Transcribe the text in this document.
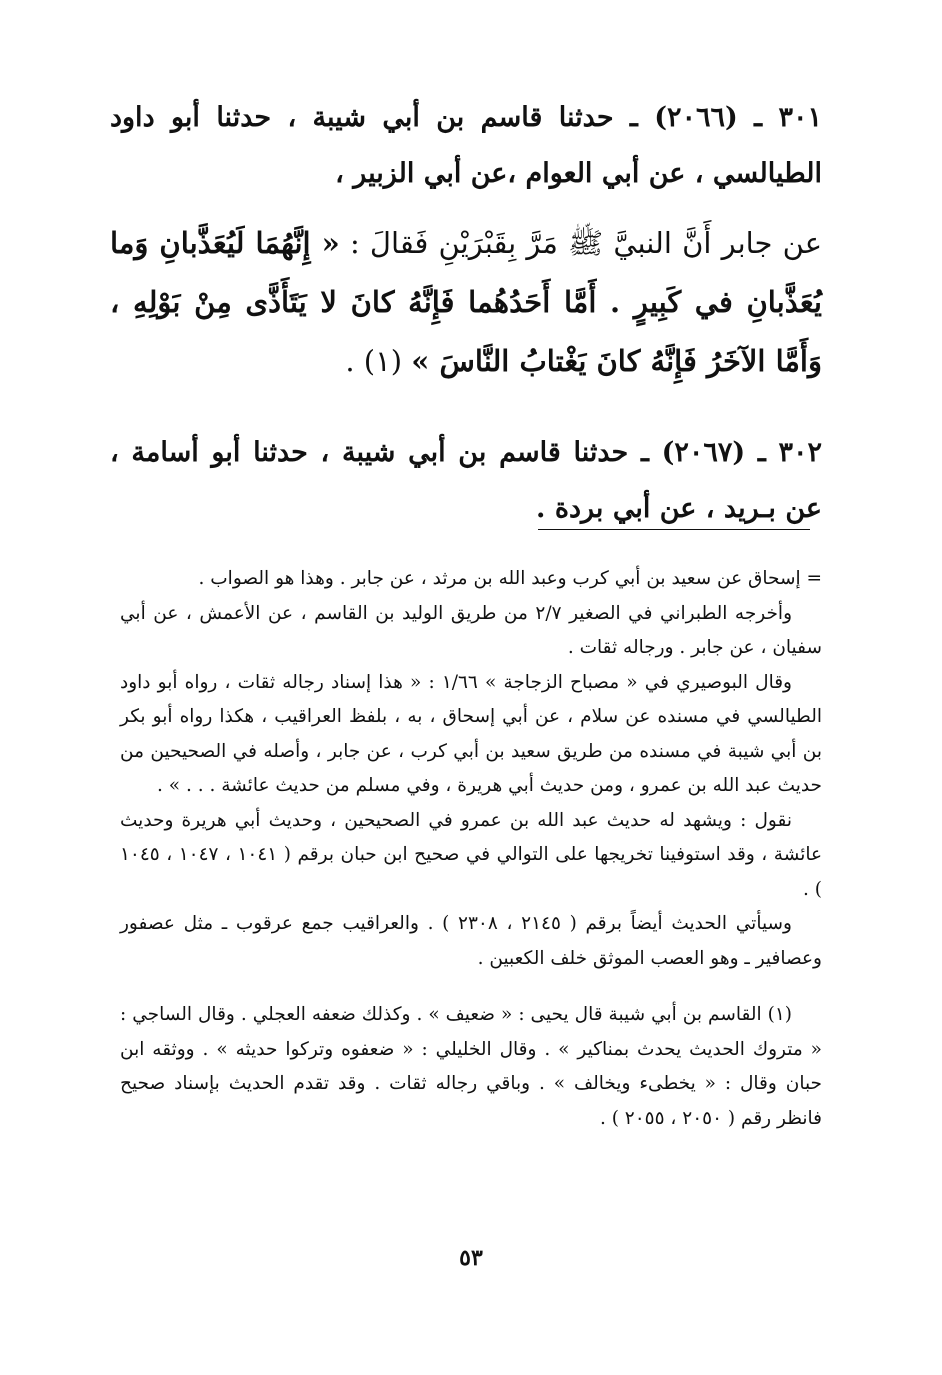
٣٠١ ـ (٢٠٦٦) ـ حدثنا قاسم بن أبي شيبة ، حدثنا أبو داود الطيالسي ، عن أبي العوام ،عن أبي الزبير ،

عن جابر أَنَّ النبيَّ ﷺ مَرَّ بِقَبْرَيْنِ فَقالَ : « إِنَّهُمَا لَيُعَذَّبانِ وَما يُعَذَّبانِ في كَبِيرٍ . أَمَّا أَحَدُهُما فَإِنَّهُ كانَ لا يَتَأَذَّى مِنْ بَوْلِهِ ، وَأَمَّا الآخَرُ فَإِنَّهُ كانَ يَغْتابُ النَّاسَ » (١) .

٣٠٢ ـ (٢٠٦٧) ـ حدثنا قاسم بن أبي شيبة ، حدثنا أبو أسامة ، عن بـريد ، عن أبي بردة .

= إسحاق عن سعيد بن أبي كرب وعبد الله بن مرثد ، عن جابر . وهذا هو الصواب .

وأخرجه الطبراني في الصغير ٢/٧ من طريق الوليد بن القاسم ، عن الأعمش ، عن أبي سفيان ، عن جابر . ورجاله ثقات .

وقال البوصيري في « مصباح الزجاجة » ١/٦٦ : « هذا إسناد رجاله ثقات ، رواه أبو داود الطيالسي في مسنده عن سلام ، عن أبي إسحاق ، به ، بلفظ العراقيب ، هكذا رواه أبو بكر بن أبي شيبة في مسنده من طريق سعيد بن أبي كرب ، عن جابر ، وأصله في الصحيحين من حديث عبد الله بن عمرو ، ومن حديث أبي هريرة ، وفي مسلم من حديث عائشة . . . » .

نقول : ويشهد له حديث عبد الله بن عمرو في الصحيحين ، وحديث أبي هريرة وحديث عائشة ، وقد استوفينا تخريجها على التوالي في صحيح ابن حبان برقم ( ١٠٤١ ، ١٠٤٧ ، ١٠٤٥ ) .

وسيأتي الحديث أيضاً برقم ( ٢١٤٥ ، ٢٣٠٨ ) . والعراقيب جمع عرقوب ـ مثل عصفور وعصافير ـ وهو العصب الموثق خلف الكعبين .

(١) القاسم بن أبي شيبة قال يحيى : « ضعيف » . وكذلك ضعفه العجلي . وقال الساجي : « متروك الحديث يحدث بمناكير » . وقال الخليلي : « ضعفوه وتركوا حديثه » . ووثقه ابن حبان وقال : « يخطىء ويخالف » . وباقي رجاله ثقات . وقد تقدم الحديث بإسناد صحيح فانظر رقم ( ٢٠٥٠ ، ٢٠٥٥ ) .

٥٣
